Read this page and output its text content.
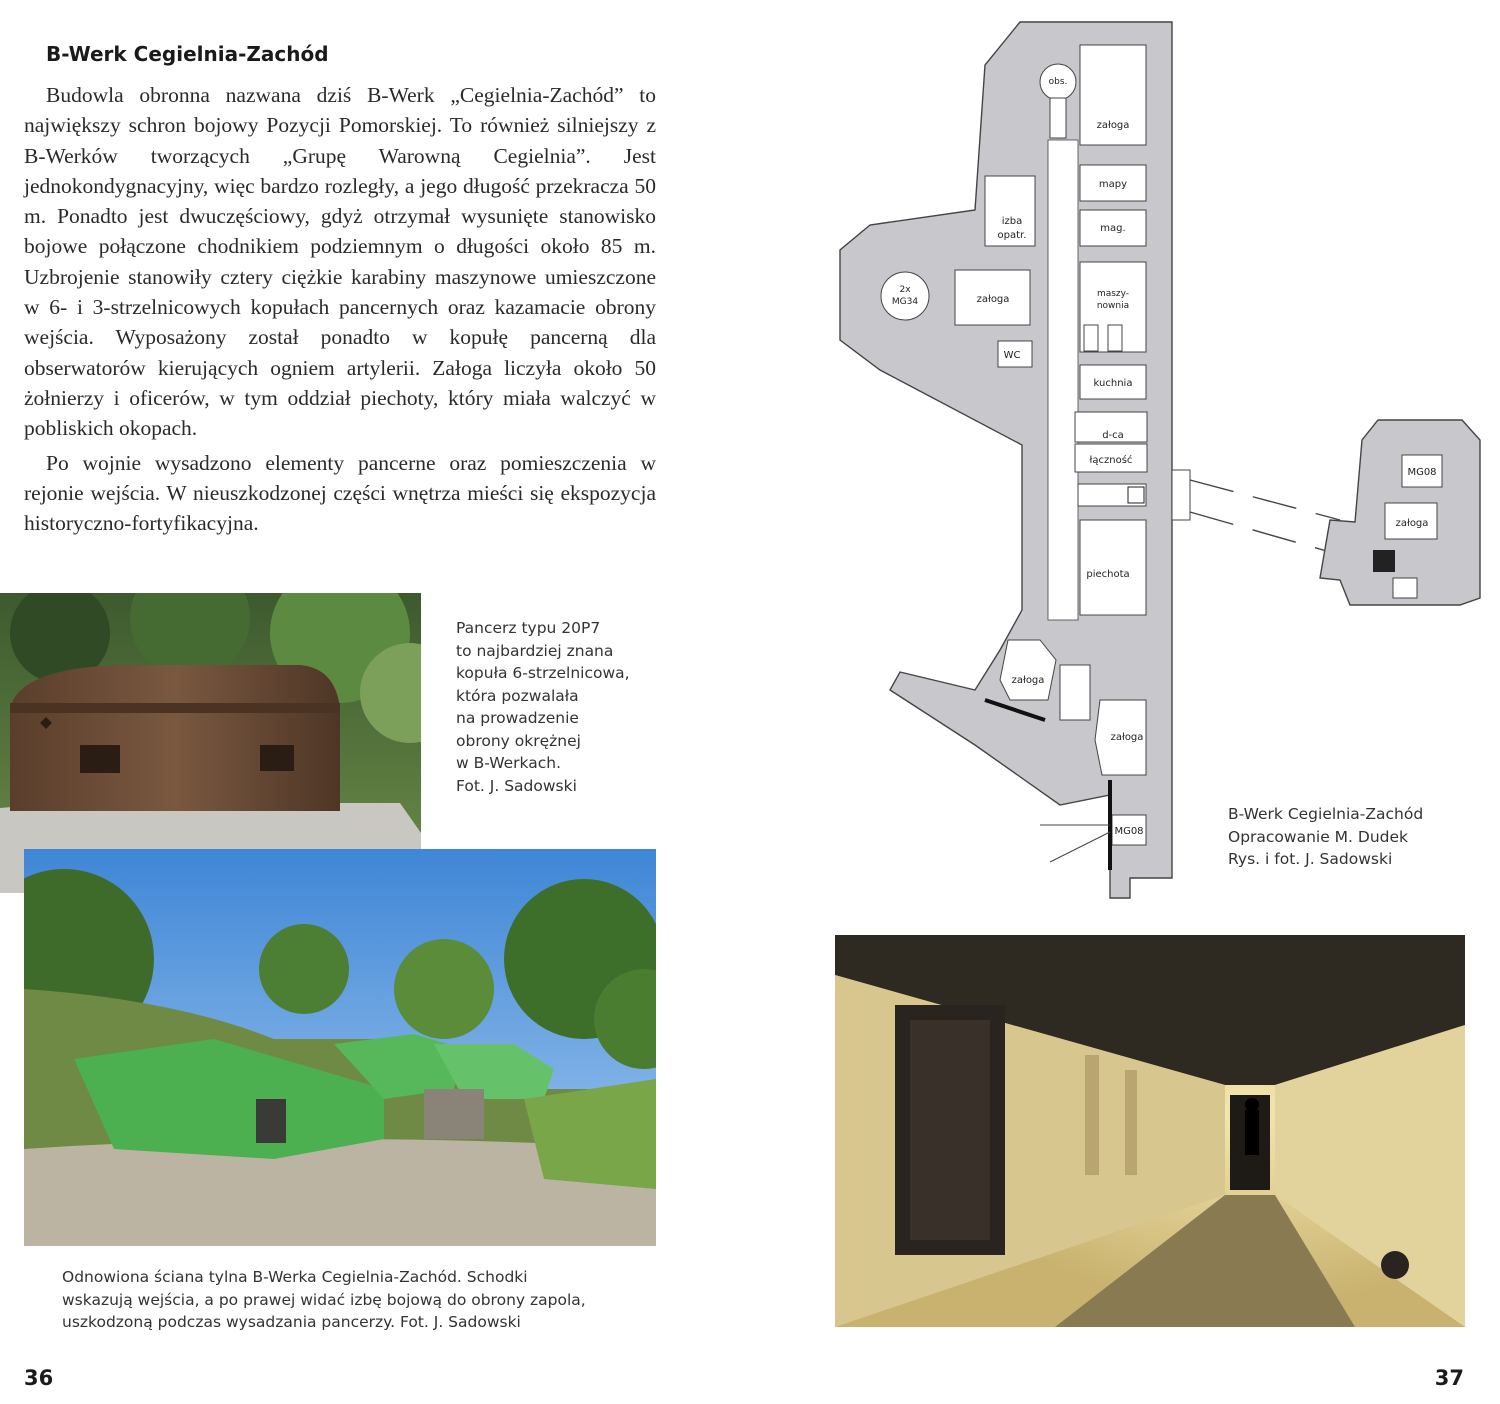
B-Werk Cegielnia-Zachód

Budowla obronna nazwana dziś B-Werk „Cegielnia-Zachód” to największy schron bojowy Pozycji Pomorskiej. To również silniejszy z B-Werków tworzących „Grupę Warowną Cegielnia”. Jest jednokondygnacyjny, więc bardzo rozległy, a jego długość przekracza 50 m. Ponadto jest dwuczęściowy, gdyż otrzymał wysunięte stanowisko bojowe połączone chodnikiem podziemnym o długości około 85 m. Uzbrojenie stanowiły cztery ciężkie karabiny maszynowe umieszczone w 6- i 3-strzelnicowych kopułach pancernych oraz kazamacie obrony wejścia. Wyposażony został ponadto w kopułę pancerną dla obserwatorów kierujących ogniem artylerii. Załoga liczyła około 50 żołnierzy i oficerów, w tym oddział piechoty, który miała walczyć w pobliskich okopach.

Po wojnie wysadzono elementy pancerne oraz pomieszczenia w rejonie wejścia. W nieuszkodzonej części wnętrza mieści się ekspozycja historyczno-fortyfikacyjna.

Pancerz typu 20P7
to najbardziej znana
kopuła 6-strzelnicowa,
która pozwalała
na prowadzenie
obrony okrężnej
w B-Werkach.
Fot. J. Sadowski
Odnowiona ściana tylna B-Werka Cegielnia-Zachód. Schodki
wskazują wejścia, a po prawej widać izbę bojową do obrony zapola,
uszkodzoną podczas wysadzania pancerzy. Fot. J. Sadowski
36
obs.
załoga
mapy
mag.
izba
opatr.
2x
MG34	załoga	maszy-
nownia
WC
kuchnia
d-ca
łączność
piechota
załoga
załoga
MG08
MG08
załoga
B-Werk Cegielnia-Zachód
Opracowanie M. Dudek
Rys. i fot. J. Sadowski
37
